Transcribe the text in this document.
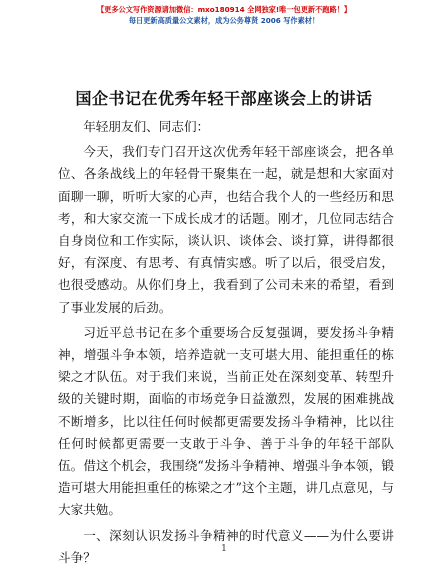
【更多公文写作资源请加微信：mxo180914 全网独家!唯一包更新不跑路！】
每日更新高质量公文素材，成为公务尊贤 2006 写作素材！
国企书记在优秀年轻干部座谈会上的讲话

年轻朋友们、同志们：

今天，我们专门召开这次优秀年轻干部座谈会，把各单位、各条战线上的年轻骨干聚集在一起，就是想和大家面对面聊一聊，听听大家的心声，也结合我个人的一些经历和思考，和大家交流一下成长成才的话题。刚才，几位同志结合自身岗位和工作实际，谈认识、谈体会、谈打算，讲得都很好，有深度、有思考、有真情实感。听了以后，很受启发，也很受感动。从你们身上，我看到了公司未来的希望，看到了事业发展的后劲。

习近平总书记在多个重要场合反复强调，要发扬斗争精神，增强斗争本领，培养造就一支可堪大用、能担重任的栋梁之才队伍。对于我们来说，当前正处在深刻变革、转型升级的关键时期，面临的市场竞争日益激烈，发展的困难挑战不断增多，比以往任何时候都更需要发扬斗争精神，比以往任何时候都更需要一支敢于斗争、善于斗争的年轻干部队伍。借这个机会，我围绕“发扬斗争精神、增强斗争本领，锻造可堪大用能担重任的栋梁之才”这个主题，讲几点意见，与大家共勉。

一、深刻认识发扬斗争精神的时代意义——为什么要讲斗争？

1
